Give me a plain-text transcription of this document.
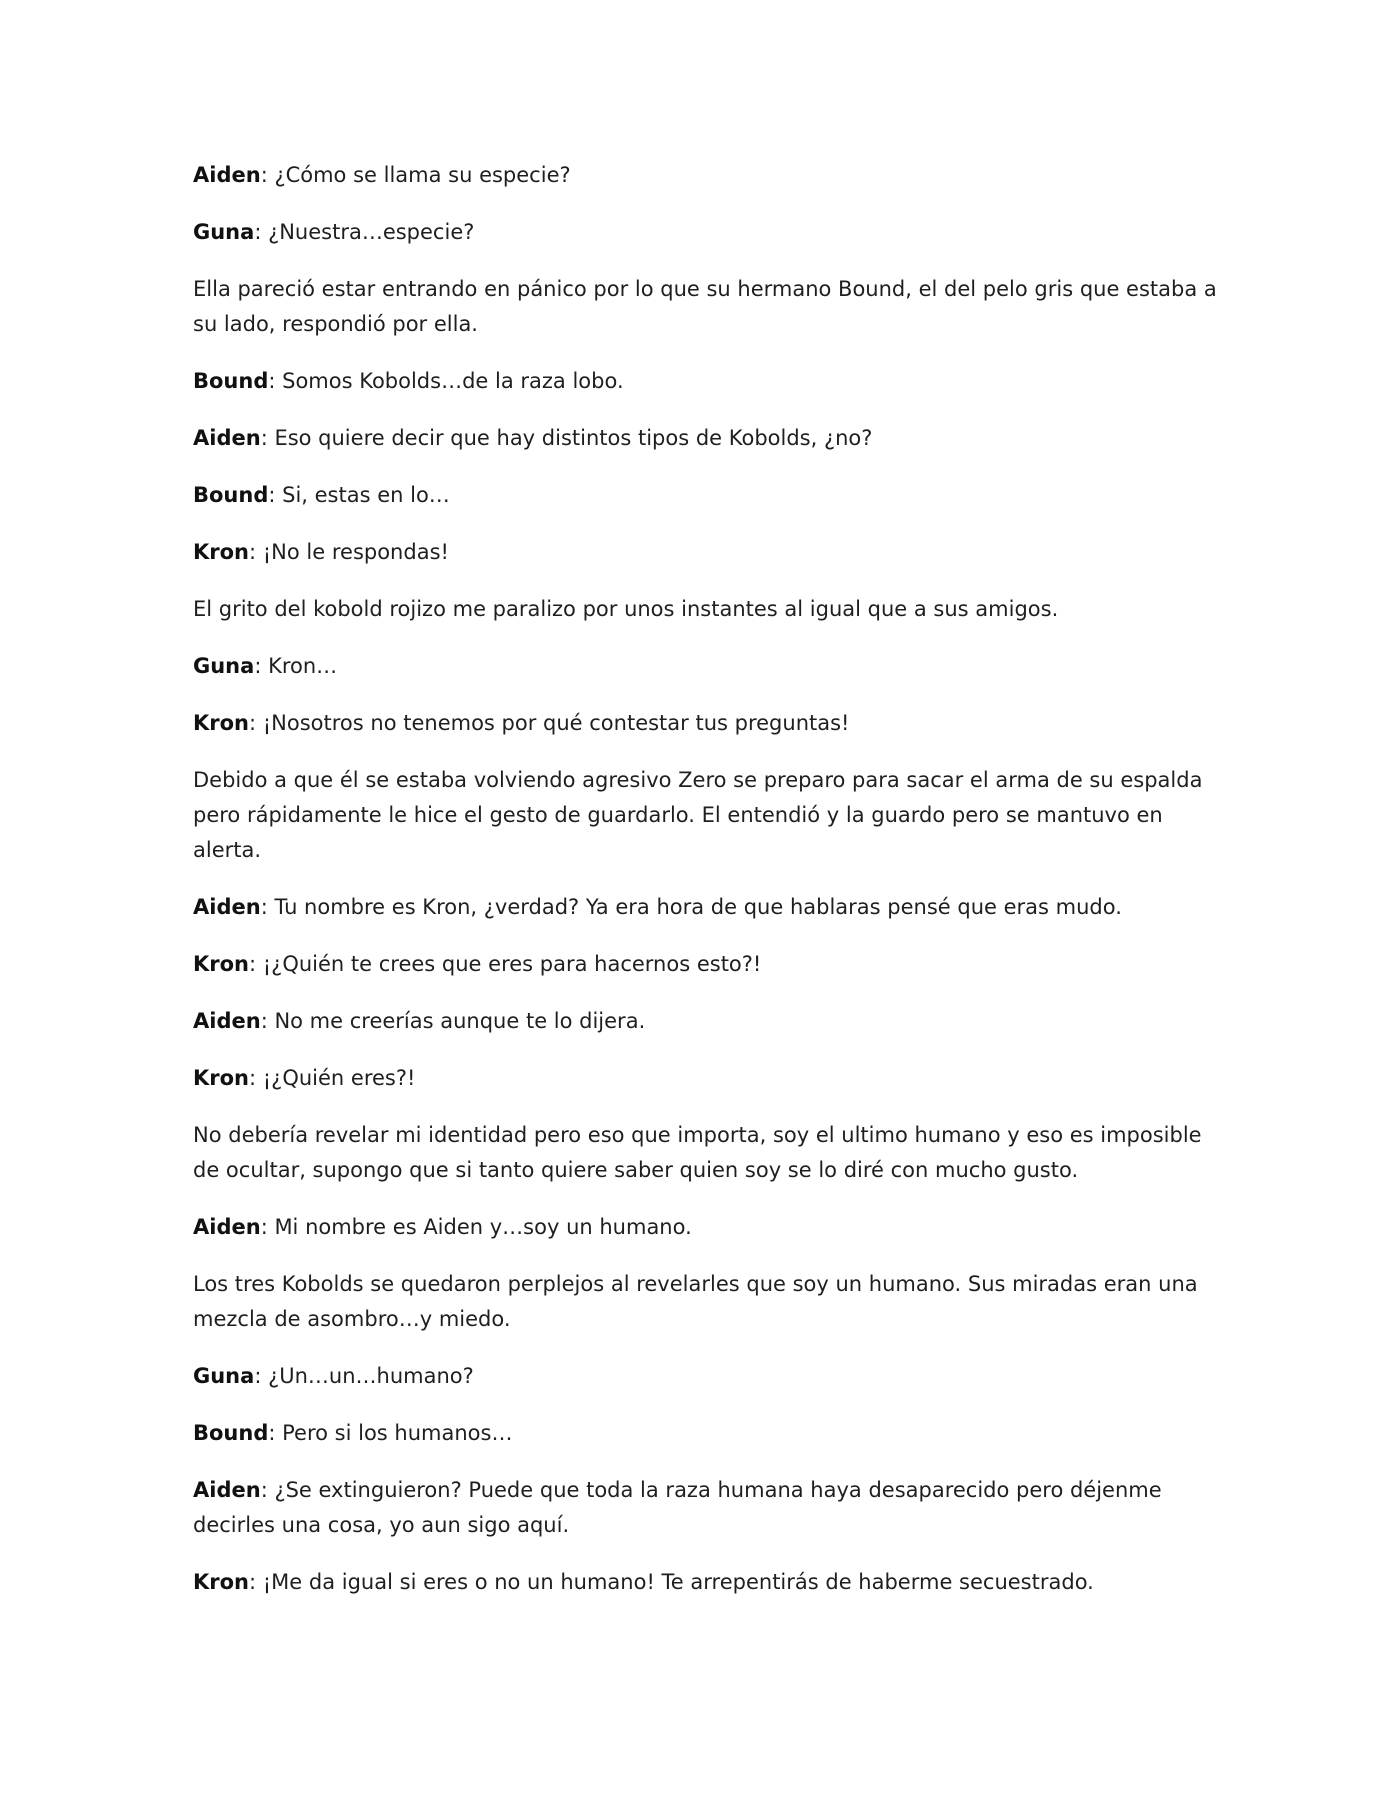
Aiden: ¿Cómo se llama su especie?

Guna: ¿Nuestra…especie?

Ella pareció estar entrando en pánico por lo que su hermano Bound, el del pelo gris que estaba a su lado, respondió por ella.

Bound: Somos Kobolds…de la raza lobo.

Aiden: Eso quiere decir que hay distintos tipos de Kobolds, ¿no?

Bound: Si, estas en lo…

Kron: ¡No le respondas!

El grito del kobold rojizo me paralizo por unos instantes al igual que a sus amigos.

Guna: Kron…

Kron: ¡Nosotros no tenemos por qué contestar tus preguntas!

Debido a que él se estaba volviendo agresivo Zero se preparo para sacar el arma de su espalda pero rápidamente le hice el gesto de guardarlo. El entendió y la guardo pero se mantuvo en alerta.

Aiden: Tu nombre es Kron, ¿verdad? Ya era hora de que hablaras pensé que eras mudo.

Kron: ¡¿Quién te crees que eres para hacernos esto?!

Aiden: No me creerías aunque te lo dijera.

Kron: ¡¿Quién eres?!

No debería revelar mi identidad pero eso que importa, soy el ultimo humano y eso es imposible de ocultar, supongo que si tanto quiere saber quien soy se lo diré con mucho gusto.

Aiden: Mi nombre es Aiden y…soy un humano.

Los tres Kobolds se quedaron perplejos al revelarles que soy un humano. Sus miradas eran una mezcla de asombro…y miedo.

Guna: ¿Un…un…humano?

Bound: Pero si los humanos…

Aiden: ¿Se extinguieron? Puede que toda la raza humana haya desaparecido pero déjenme decirles una cosa, yo aun sigo aquí.

Kron: ¡Me da igual si eres o no un humano! Te arrepentirás de haberme secuestrado.
